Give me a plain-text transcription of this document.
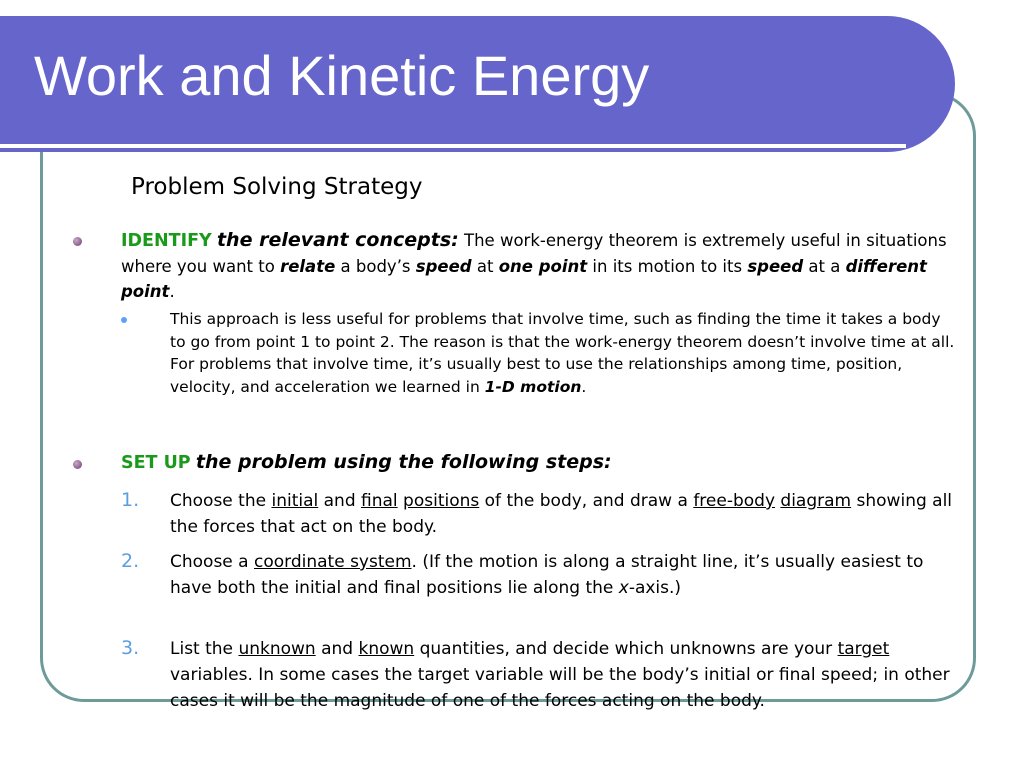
Work and Kinetic Energy
Problem Solving Strategy
IDENTIFY the relevant concepts: The work-energy theorem is extremely useful in situations where you want to relate a body’s speed at one point in its motion to its speed at a different point.
This approach is less useful for problems that involve time, such as finding the time it takes a body to go from point 1 to point 2. The reason is that the work-energy theorem doesn’t involve time at all. For problems that involve time, it’s usually best to use the relationships among time, position, velocity, and acceleration we learned in 1-D motion.
SET UP the problem using the following steps:
1. Choose the initial and final positions of the body, and draw a free-body diagram showing all the forces that act on the body.
2. Choose a coordinate system. (If the motion is along a straight line, it’s usually easiest to have both the initial and final positions lie along the x-axis.)
3. List the unknown and known quantities, and decide which unknowns are your target variables. In some cases the target variable will be the body’s initial or final speed; in other cases it will be the magnitude of one of the forces acting on the body.
